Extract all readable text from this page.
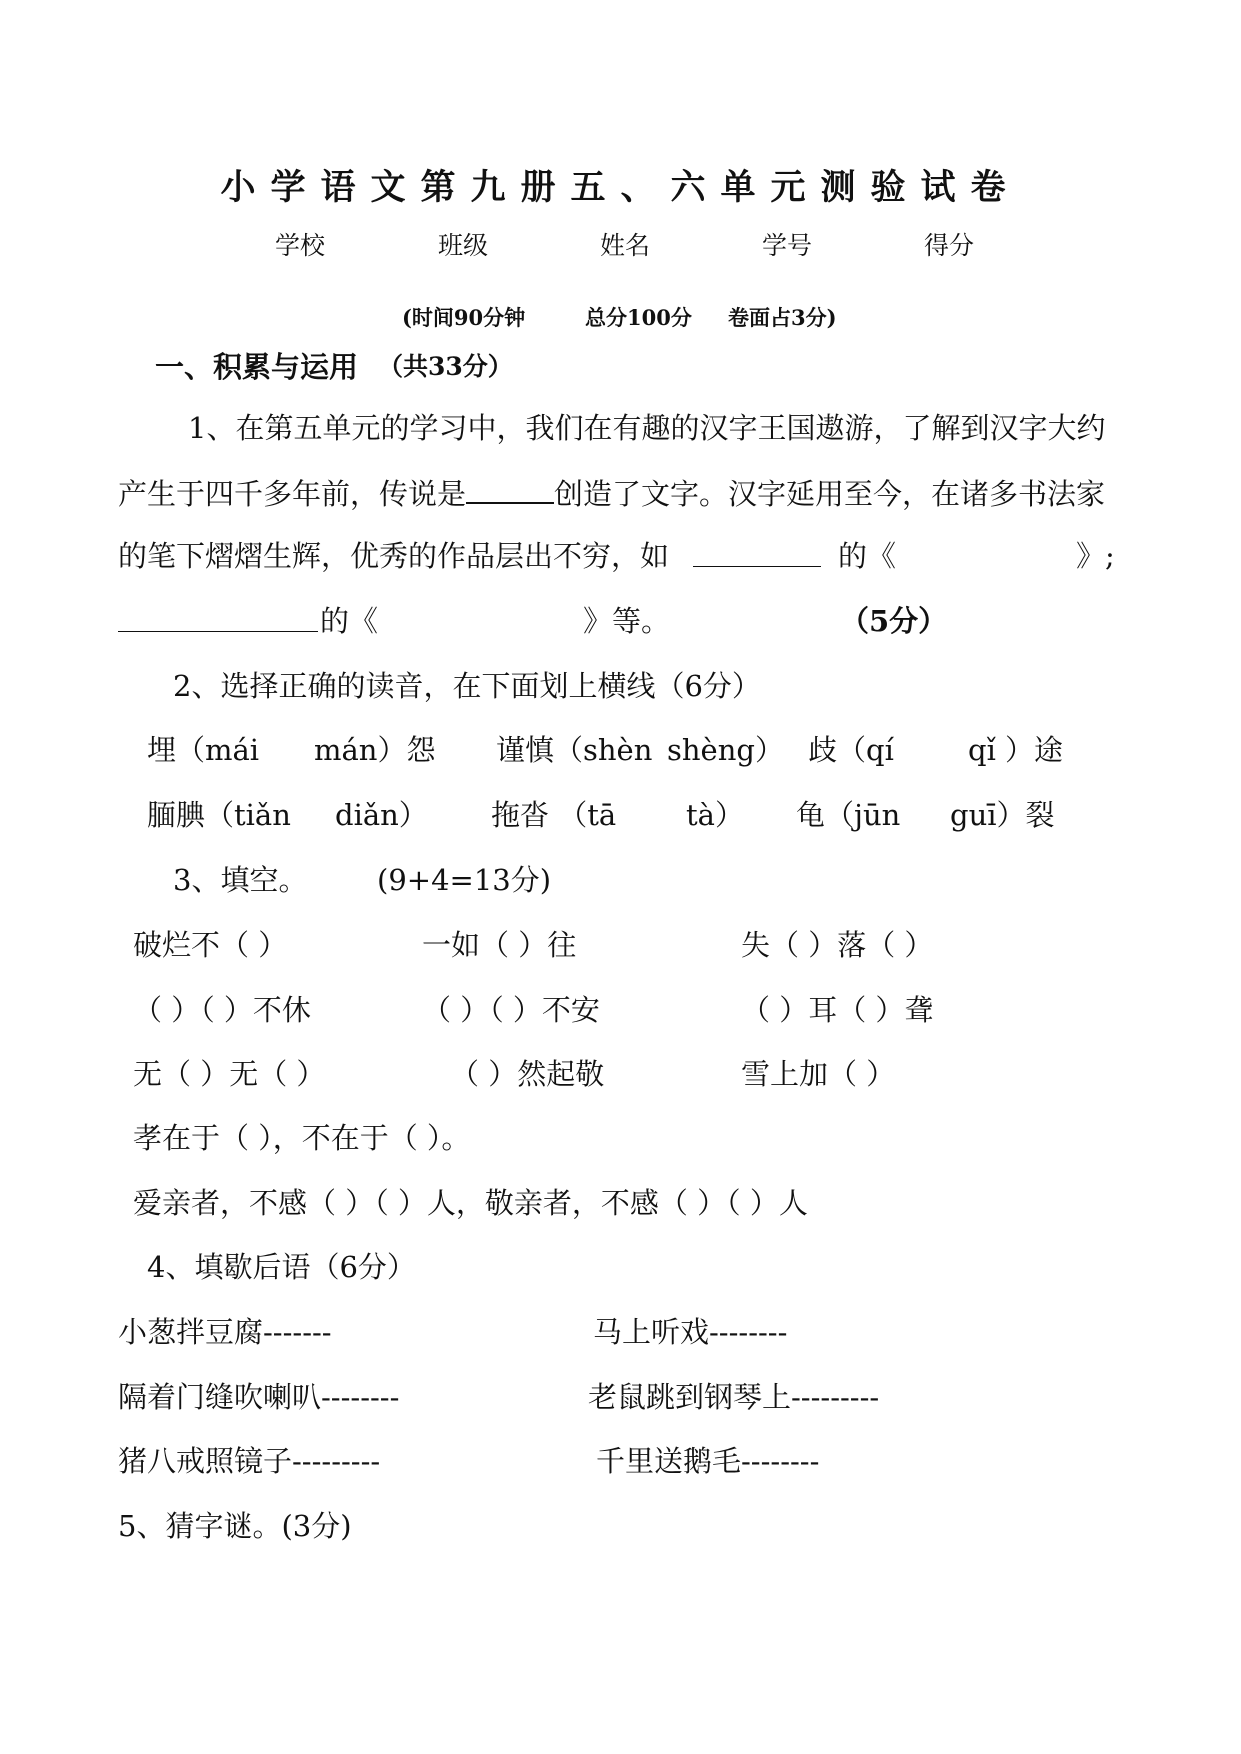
小学语文第九册五、六单元测验试卷
学校	班级	姓名	学号	得分
(时间90分钟	总分100分 卷面占3分)
一、积累与运用 （共33分）
1、在第五单元的学习中，我们在有趣的汉字王国遨游，了解到汉字大约
产生于四千多年前，传说是	创造了文字。汉字延用至今，在诸多书法家
的笔下熠熠生辉，优秀的作品层出不穷，如	的《	》;
的《	》等。	（5分）
2、选择正确的读音，在下面划上横线（6分）
埋（mái mán）怨 谨慎（shèn shèng） 歧（qí	qǐ ）途
腼腆（tiǎn diǎn） 拖沓 （tā tà） 龟（jūn guī）裂
3、填空。 (9+4=13分)
破烂不（ ）	一如（ ）往	失（ ）落（ ）
（ ）（ ）不休	（ ）（ ）不安	（ ）耳（ ）聋
无（ ）无（ ）	（ ）然起敬	雪上加（ ）
孝在于（ ），不在于（ ）。
爱亲者，不感（ ）（ ）人，敬亲者，不感（ ）（ ）人
4、填歇后语（6分）
小葱拌豆腐-------	马上听戏--------
隔着门缝吹喇叭--------	老鼠跳到钢琴上---------
猪八戒照镜子---------	千里送鹅毛--------
5、猜字谜。(3分)
